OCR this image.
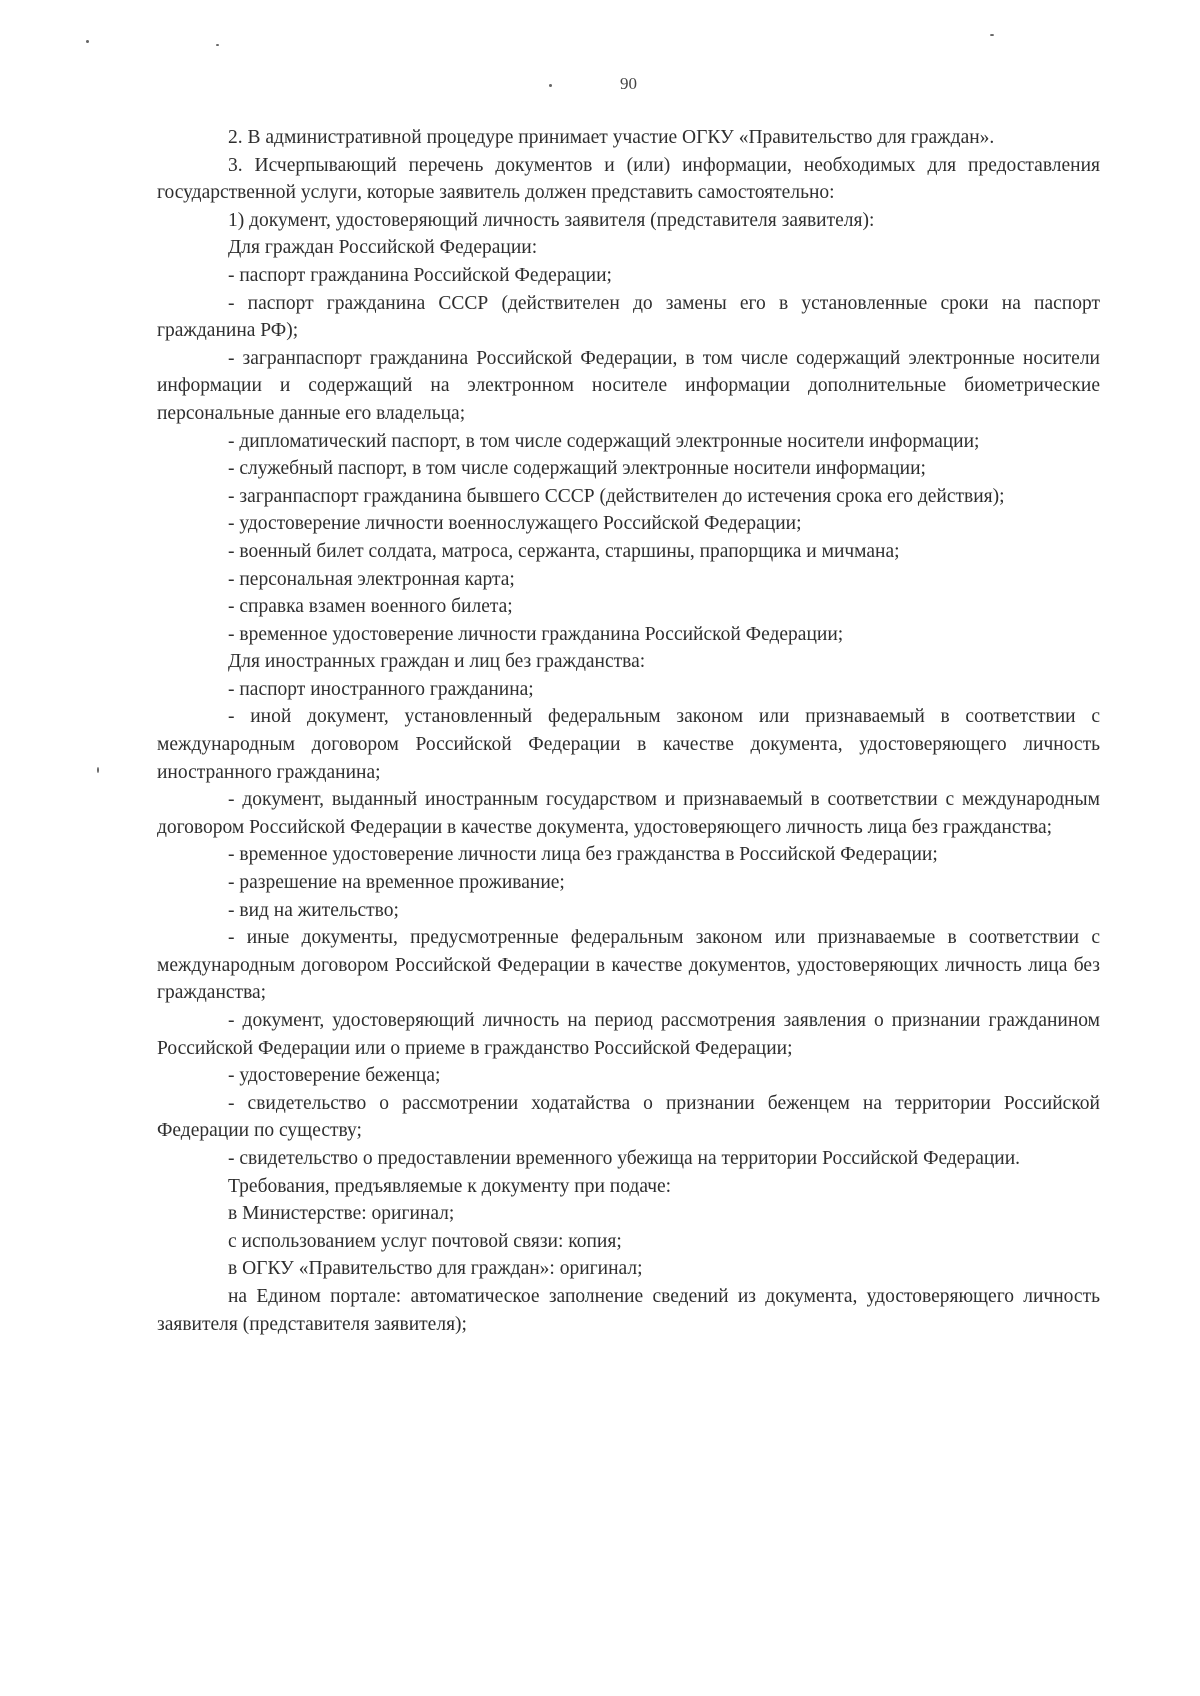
90

2. В административной процедуре принимает участие ОГКУ «Правительство для граждан».

3. Исчерпывающий перечень документов и (или) информации, необходимых для предоставления государственной услуги, которые заявитель должен представить самостоятельно:

1) документ, удостоверяющий личность заявителя (представителя заявителя):

Для граждан Российской Федерации:

- паспорт гражданина Российской Федерации;

- паспорт гражданина СССР (действителен до замены его в установленные сроки на паспорт гражданина РФ);

- загранпаспорт гражданина Российской Федерации, в том числе содержащий электронные носители информации и содержащий на электронном носителе информации дополнительные биометрические персональные данные его владельца;

- дипломатический паспорт, в том числе содержащий электронные носители информации;

- служебный паспорт, в том числе содержащий электронные носители информации;

- загранпаспорт гражданина бывшего СССР (действителен до истечения срока его действия);

- удостоверение личности военнослужащего Российской Федерации;

- военный билет солдата, матроса, сержанта, старшины, прапорщика и мичмана;

- персональная электронная карта;

- справка взамен военного билета;

- временное удостоверение личности гражданина Российской Федерации;

Для иностранных граждан и лиц без гражданства:

- паспорт иностранного гражданина;

- иной документ, установленный федеральным законом или признаваемый в соответствии с международным договором Российской Федерации в качестве документа, удостоверяющего личность иностранного гражданина;

- документ, выданный иностранным государством и признаваемый в соответствии с международным договором Российской Федерации в качестве документа, удостоверяющего личность лица без гражданства;

- временное удостоверение личности лица без гражданства в Российской Федерации;

- разрешение на временное проживание;

- вид на жительство;

- иные документы, предусмотренные федеральным законом или признаваемые в соответствии с международным договором Российской Федерации в качестве документов, удостоверяющих личность лица без гражданства;

- документ, удостоверяющий личность на период рассмотрения заявления о признании гражданином Российской Федерации или о приеме в гражданство Российской Федерации;

- удостоверение беженца;

- свидетельство о рассмотрении ходатайства о признании беженцем на территории Российской Федерации по существу;

- свидетельство о предоставлении временного убежища на территории Российской Федерации.

Требования, предъявляемые к документу при подаче:

в Министерстве: оригинал;

с использованием услуг почтовой связи: копия;

в ОГКУ «Правительство для граждан»: оригинал;

на Едином портале: автоматическое заполнение сведений из документа, удостоверяющего личность заявителя (представителя заявителя);
